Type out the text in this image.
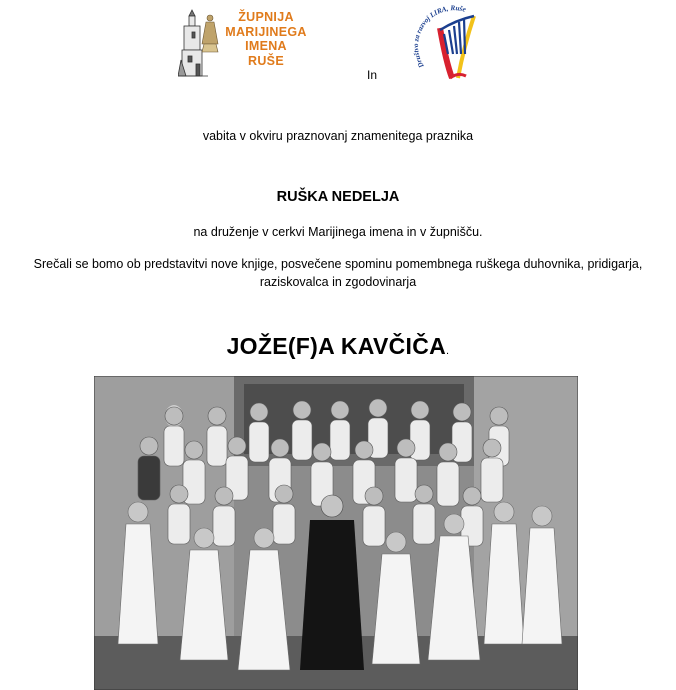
ŽUPNIJA
MARIJINEGA
IMENA
RUŠE
In
Društvo za razvoj LIRA, Ruše
vabita v okviru praznovanj znamenitega praznika
RUŠKA NEDELJA
na druženje v cerkvi Marijinega imena in v župnišču.
Srečali se bomo ob predstavitvi nove knjige, posvečene spominu pomembnega ruškega duhovnika, pridigarja,
raziskovalca in zgodovinarja
JOŽE(F)A KAVČIČA.
